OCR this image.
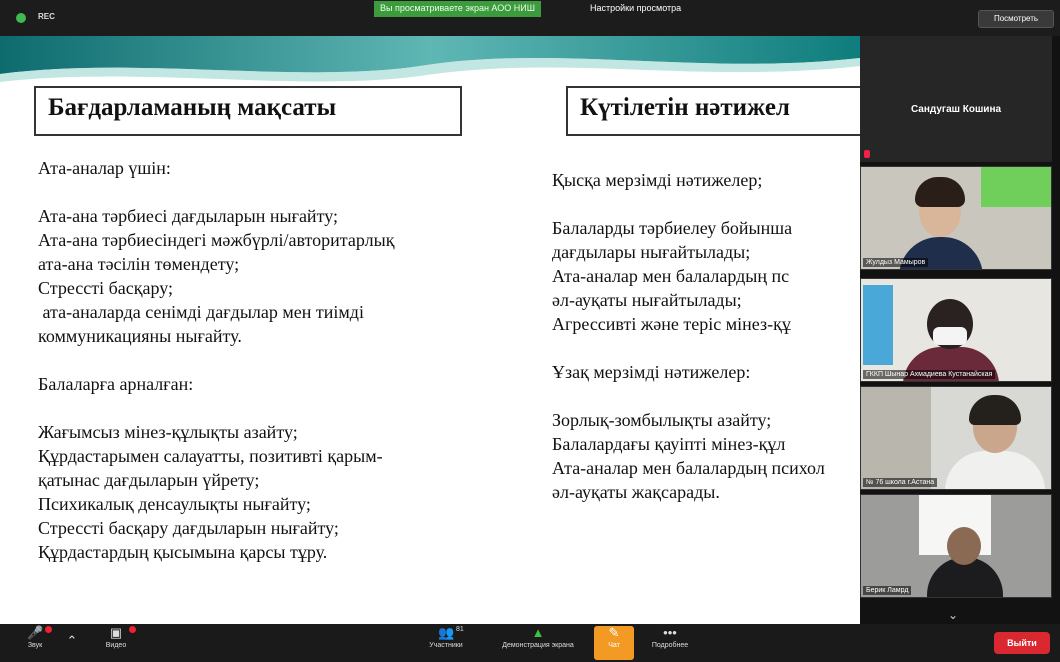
REC
Вы просматриваете экран АОО НИШ	Настройки просмотра
Посмотреть
Бағдарламаның мақсаты	Күтілетін нәтижел
Ата-аналар үшін:
Ата-ана тәрбиесі дағдыларын нығайту;
Ата-ана тәрбиесіндегі мәжбүрлі/авторитарлық
ата-ана тәсілін төмендету;
Стрессті басқару;
ата-аналарда сенімді дағдылар мен тиімді
коммуникацияны нығайту.
Балаларға арналған:
Жағымсыз мінез-құлықты азайту;
Құрдастарымен салауатты, позитивті қарым-
қатынас дағдыларын үйрету;
Психикалық денсаулықты нығайту;
Стрессті басқару дағдыларын нығайту;
Құрдастардың қысымына қарсы тұру.
Қысқа мерзімді нәтижелер;
Балаларды тәрбиелеу бойынша
дағдылары нығайтылады;
Ата-аналар мен балалардың пс
әл-ауқаты нығайтылады;
Агрессивті және теріс мінез-құ
Ұзақ мерзімді нәтижелер:
Зорлық-зомбылықты азайту;
Балалардағы қауіпті мінез-құл
Ата-аналар мен балалардың психол
әл-ауқаты жақсарады.
Сандугаш Кошина
Жулдыз Мамыров
ГККП Шынар Ахмадиева Кустанайская
№ 76 школа г.Астана
Берик Ламрд
⌄
🎤
Звук	⌃
▣
Видео
👥 81
Участники
▲
Демонстрация экрана
✎
Чат
•••
Подробнее	Выйти
